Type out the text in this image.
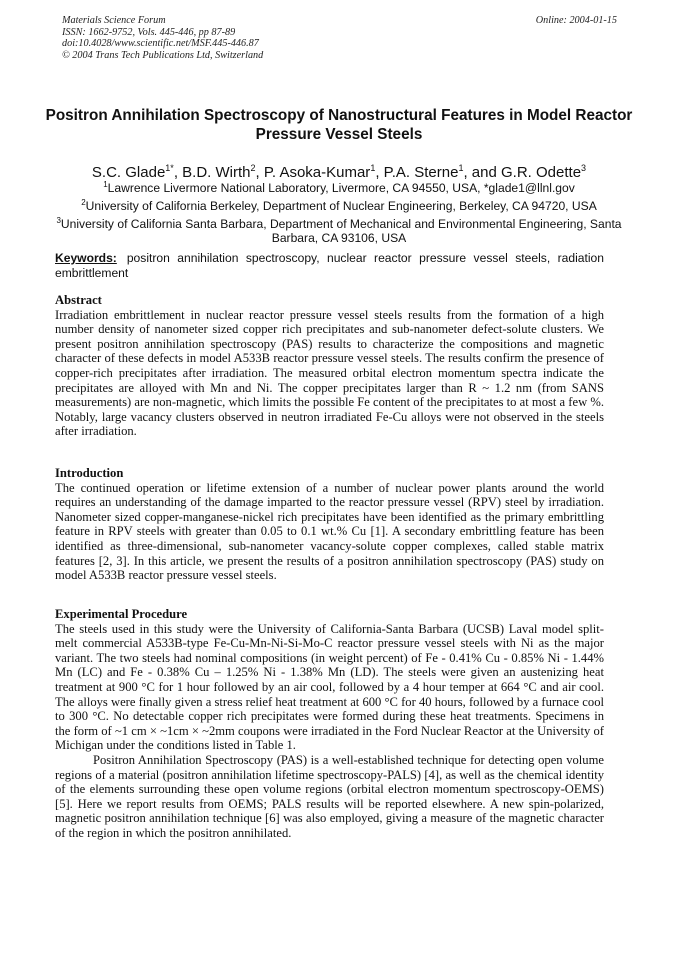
Materials Science Forum
ISSN: 1662-9752, Vols. 445-446, pp 87-89
doi:10.4028/www.scientific.net/MSF.445-446.87
© 2004 Trans Tech Publications Ltd, Switzerland
Online: 2004-01-15
Positron Annihilation Spectroscopy of Nanostructural Features in Model Reactor Pressure Vessel Steels
S.C. Glade$^{1*}$, B.D. Wirth$^2$, P. Asoka-Kumar$^1$, P.A. Sterne$^1$, and G.R. Odette$^3$
$^1$Lawrence Livermore National Laboratory, Livermore, CA 94550, USA, *glade1@llnl.gov
$^2$University of California Berkeley, Department of Nuclear Engineering, Berkeley, CA 94720, USA
$^3$University of California Santa Barbara, Department of Mechanical and Environmental Engineering, Santa Barbara, CA 93106, USA
Keywords: positron annihilation spectroscopy, nuclear reactor pressure vessel steels, radiation embrittlement
Abstract

Irradiation embrittlement in nuclear reactor pressure vessel steels results from the formation of a high number density of nanometer sized copper rich precipitates and sub-nanometer defect-solute clusters. We present positron annihilation spectroscopy (PAS) results to characterize the compositions and magnetic character of these defects in model A533B reactor pressure vessel steels. The results confirm the presence of copper-rich precipitates after irradiation. The measured orbital electron momentum spectra indicate the precipitates are alloyed with Mn and Ni. The copper precipitates larger than R ~ 1.2 nm (from SANS measurements) are non-magnetic, which limits the possible Fe content of the precipitates to at most a few %. Notably, large vacancy clusters observed in neutron irradiated Fe-Cu alloys were not observed in the steels after irradiation.

Introduction

The continued operation or lifetime extension of a number of nuclear power plants around the world requires an understanding of the damage imparted to the reactor pressure vessel (RPV) steel by irradiation. Nanometer sized copper-manganese-nickel rich precipitates have been identified as the primary embrittling feature in RPV steels with greater than 0.05 to 0.1 wt.% Cu [1]. A secondary embrittling feature has been identified as three-dimensional, sub-nanometer vacancy-solute copper complexes, called stable matrix features [2, 3]. In this article, we present the results of a positron annihilation spectroscopy (PAS) study on model A533B reactor pressure vessel steels.

Experimental Procedure

The steels used in this study were the University of California-Santa Barbara (UCSB) Laval model split-melt commercial A533B-type Fe-Cu-Mn-Ni-Si-Mo-C reactor pressure vessel steels with Ni as the major variant. The two steels had nominal compositions (in weight percent) of Fe - 0.41% Cu - 0.85% Ni - 1.44% Mn (LC) and Fe - 0.38% Cu – 1.25% Ni - 1.38% Mn (LD). The steels were given an austenizing heat treatment at 900 °C for 1 hour followed by an air cool, followed by a 4 hour temper at 664 °C and air cool. The alloys were finally given a stress relief heat treatment at 600 °C for 40 hours, followed by a furnace cool to 300 °C. No detectable copper rich precipitates were formed during these heat treatments. Specimens in the form of ~1 cm × ~1cm × ~2mm coupons were irradiated in the Ford Nuclear Reactor at the University of Michigan under the conditions listed in Table 1.

Positron Annihilation Spectroscopy (PAS) is a well-established technique for detecting open volume regions of a material (positron annihilation lifetime spectroscopy-PALS) [4], as well as the chemical identity of the elements surrounding these open volume regions (orbital electron momentum spectroscopy-OEMS) [5]. Here we report results from OEMS; PALS results will be reported elsewhere. A new spin-polarized, magnetic positron annihilation technique [6] was also employed, giving a measure of the magnetic character of the region in which the positron annihilated.
